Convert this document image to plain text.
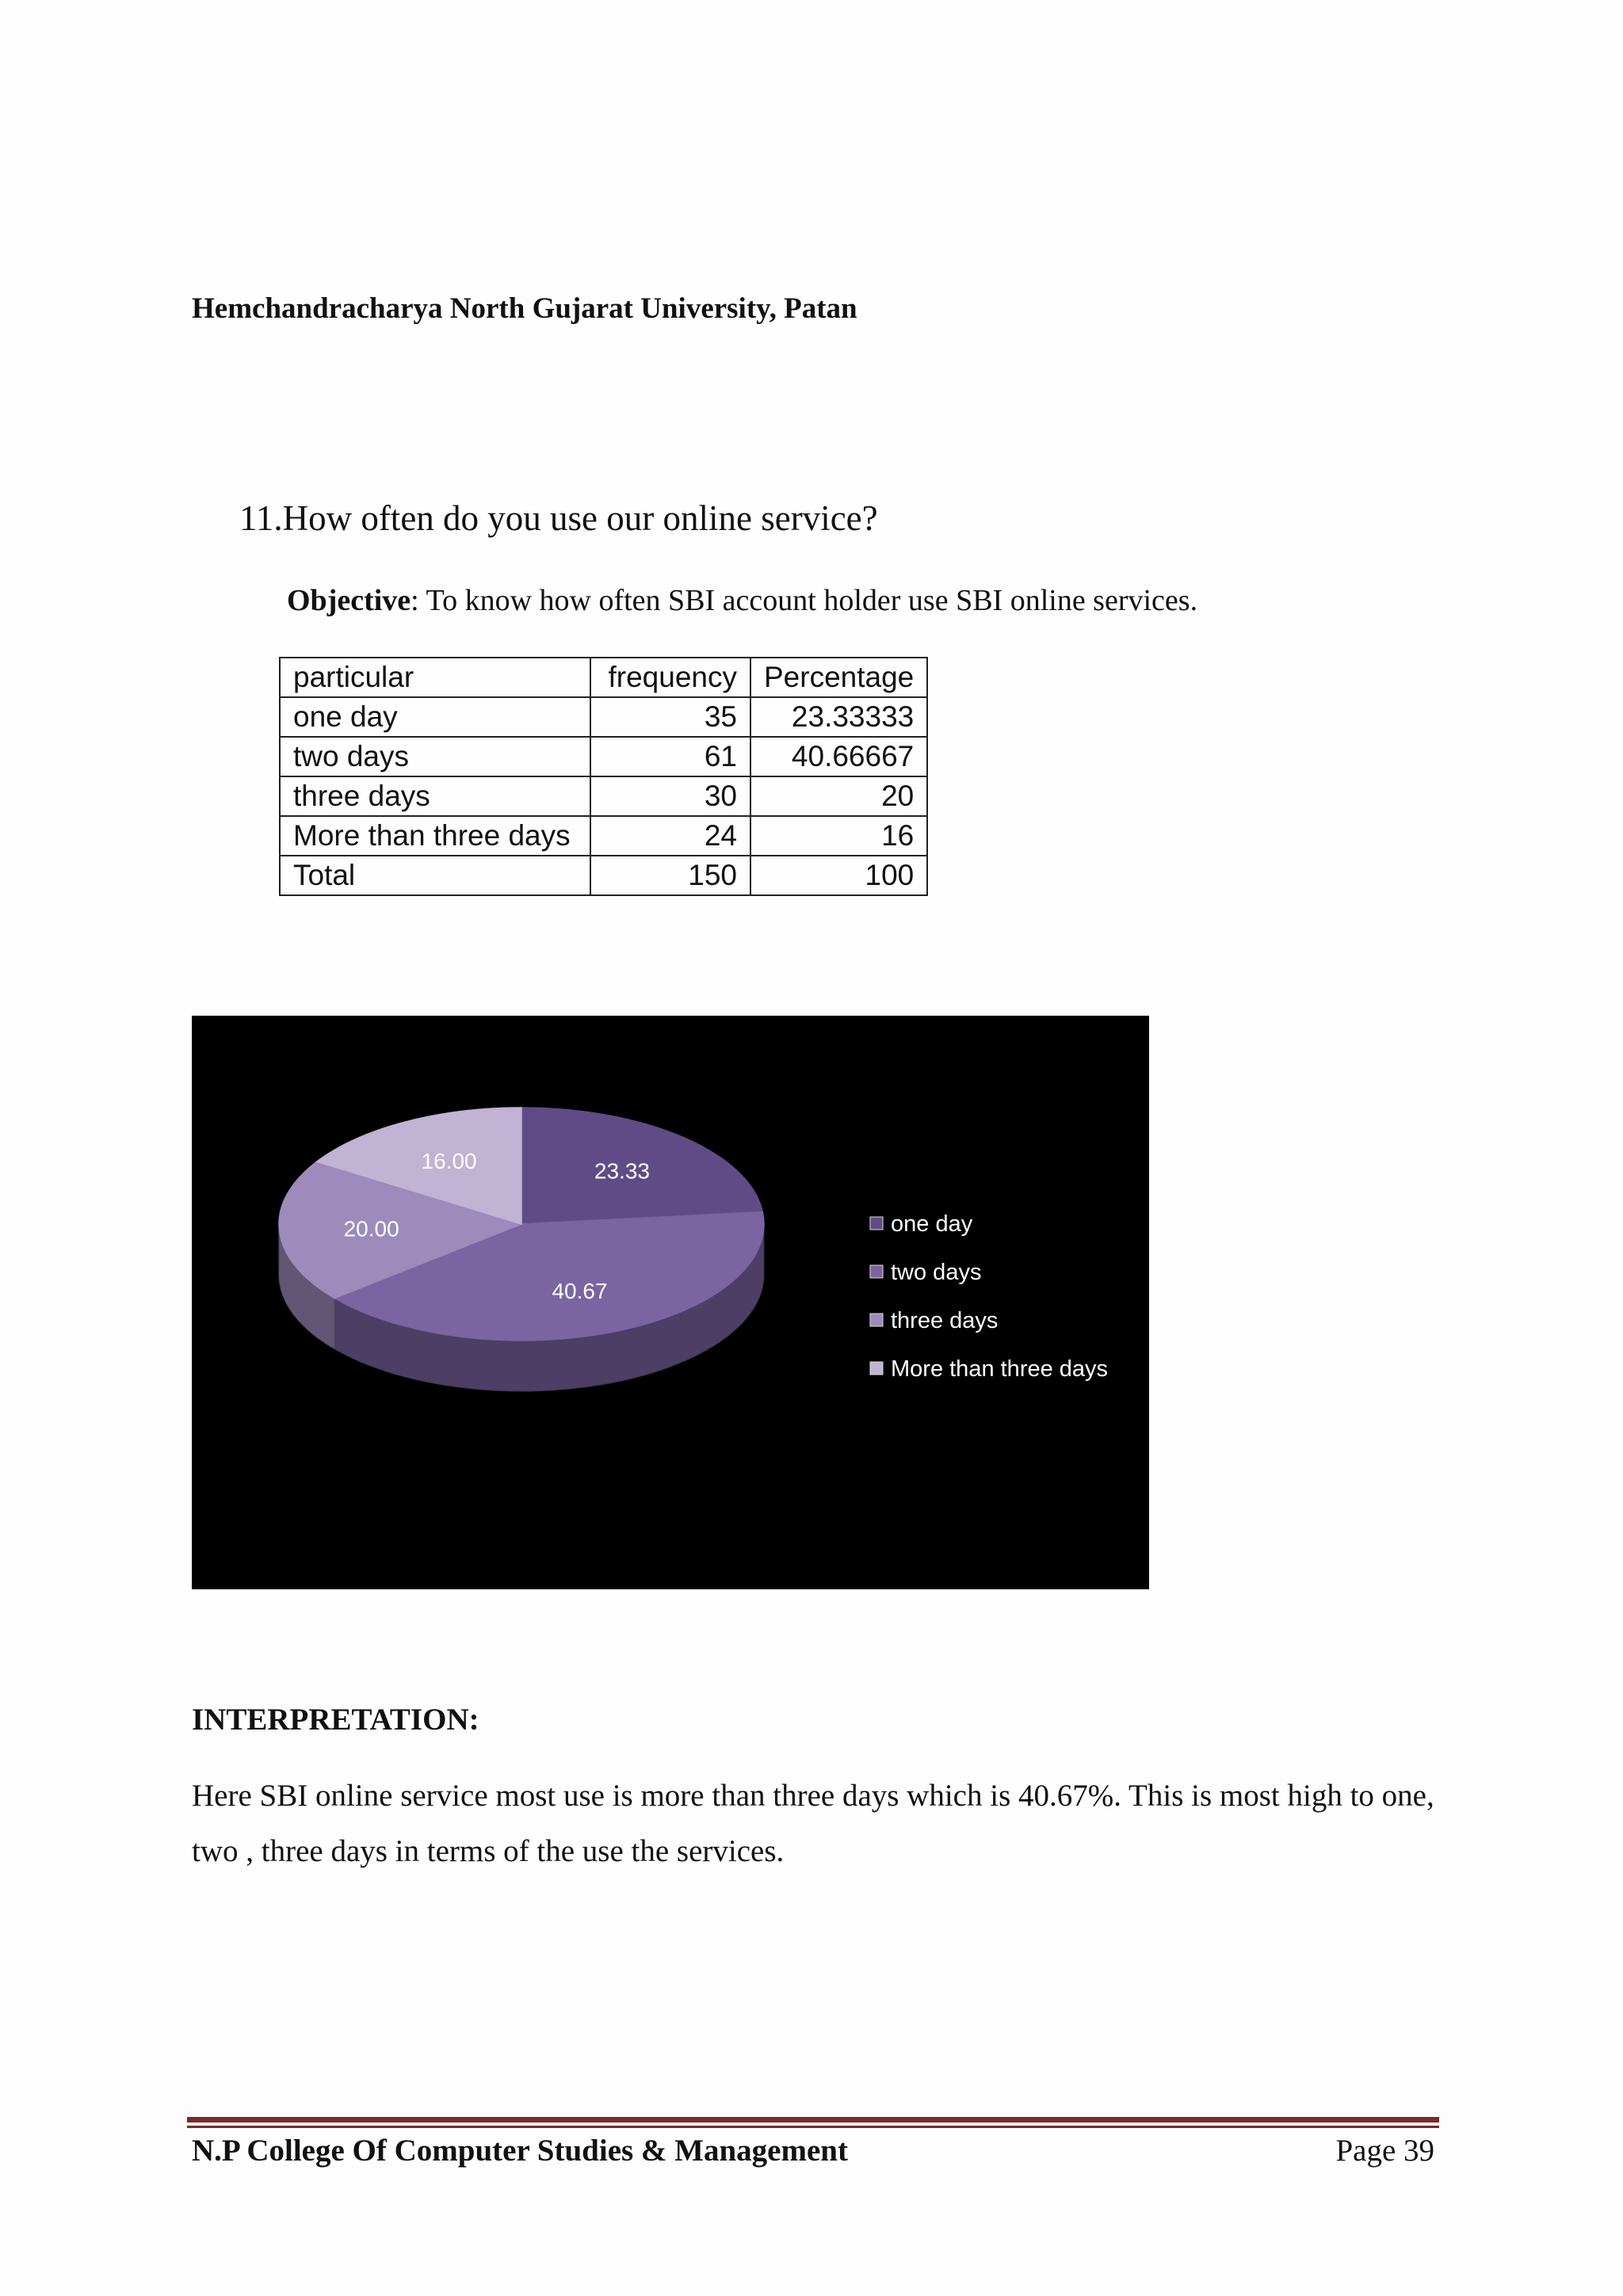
Hemchandracharya North Gujarat University, Patan
11.How often do you use our online service?
Objective: To know how often SBI account holder use SBI online services.
particular	frequency	Percentage
one day	35	23.33333
two days	61	40.66667
three days	30	20
More than three days	24	16
Total	150	100
23.33
40.67
20.00
16.00
one day
two days
three days
More than three days
INTERPRETATION:
Here SBI online service most use is more than three days which is 40.67%. This is most high to one, two , three days in terms of the use the services.
N.P College Of Computer Studies & Management	Page 39
